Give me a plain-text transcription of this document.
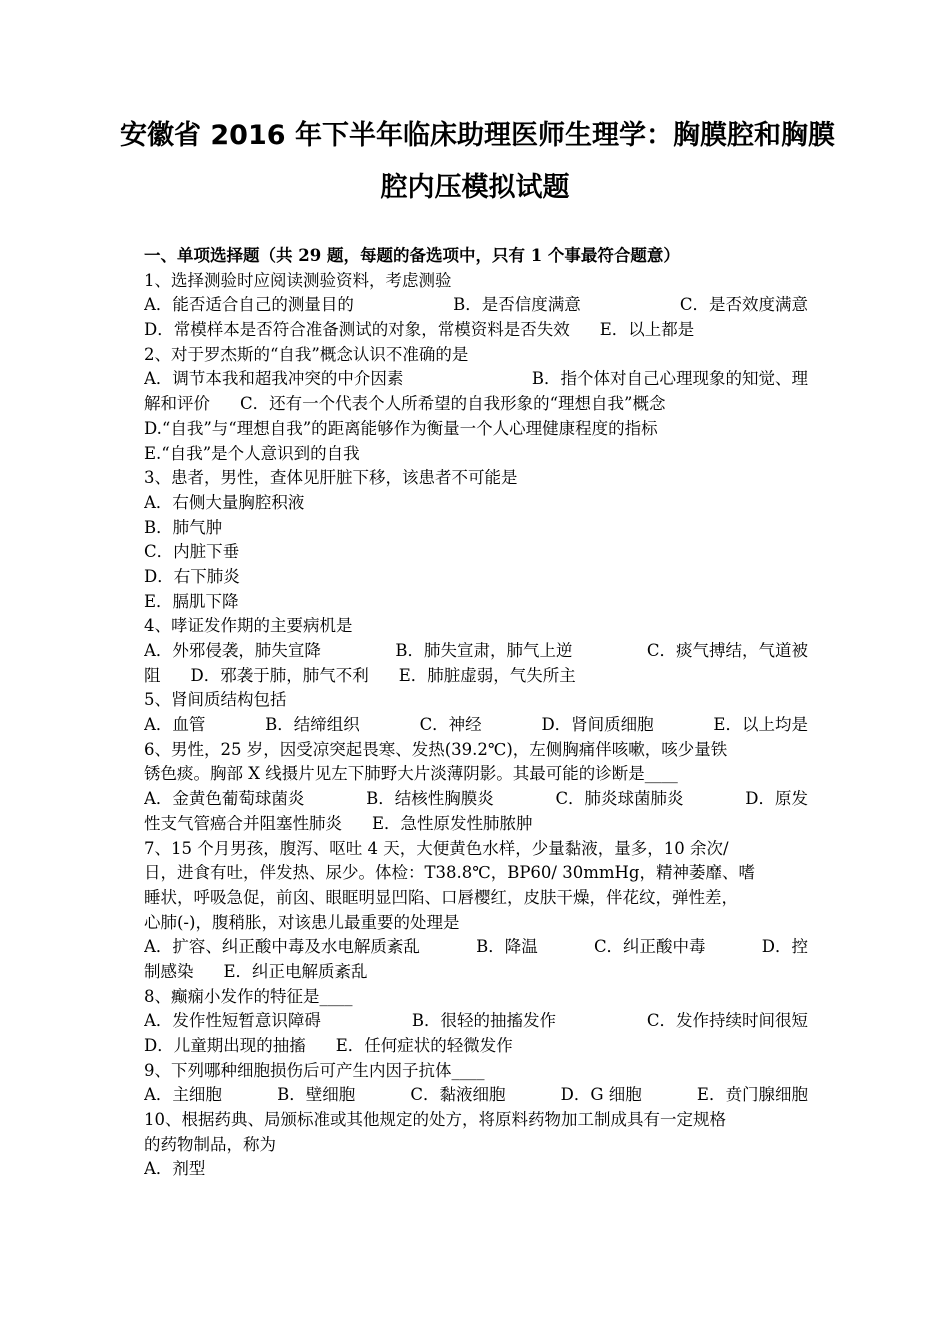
安徽省 2016 年下半年临床助理医师生理学：胸膜腔和胸膜
腔内压模拟试题
一、单项选择题（共 29 题，每题的备选项中，只有 1 个事最符合题意）
1、选择测验时应阅读测验资料，考虑测验
A．能否适合自己的测量目的	B．是否信度满意	C．是否效度满意
D．常模样本是否符合准备测试的对象，常模资料是否失效 E．以上都是
2、对于罗杰斯的“自我”概念认识不准确的是
A．调节本我和超我冲突的中介因素	B．指个体对自己心理现象的知觉、理
解和评价 C．还有一个代表个人所希望的自我形象的“理想自我”概念
D.“自我”与“理想自我”的距离能够作为衡量一个人心理健康程度的指标
E.“自我”是个人意识到的自我
3、患者，男性，查体见肝脏下移，该患者不可能是
A．右侧大量胸腔积液
B．肺气肿
C．内脏下垂
D．右下肺炎
E．膈肌下降
4、哮证发作期的主要病机是
A．外邪侵袭，肺失宣降	B．肺失宣肃，肺气上逆	C．痰气搏结，气道被
阻 D．邪袭于肺，肺气不利 E．肺脏虚弱，气失所主
5、肾间质结构包括
A．血管	B．结缔组织	C．神经	D．肾间质细胞	E．以上均是
6、男性，25 岁，因受凉突起畏寒、发热(39.2℃)，左侧胸痛伴咳嗽，咳少量铁
锈色痰。胸部 X 线摄片见左下肺野大片淡薄阴影。其最可能的诊断是____
A．金黄色葡萄球菌炎	B．结核性胸膜炎	C．肺炎球菌肺炎	D．原发
性支气管癌合并阻塞性肺炎 E．急性原发性肺脓肿
7、15 个月男孩，腹泻、呕吐 4 天，大便黄色水样，少量黏液，量多，10 余次/
日，进食有吐，伴发热、尿少。体检：T38.8℃，BP60/ 30mmHg，精神萎靡、嗜
睡状，呼吸急促，前囟、眼眶明显凹陷、口唇樱红，皮肤干燥，伴花纹，弹性差，
心肺(-)，腹稍胀，对该患儿最重要的处理是
A．扩容、纠正酸中毒及水电解质紊乱	B．降温	C．纠正酸中毒	D．控
制感染 E．纠正电解质紊乱
8、癫痫小发作的特征是____
A．发作性短暂意识障碍	B．很轻的抽搐发作	C．发作持续时间很短
D．儿童期出现的抽搐 E．任何症状的轻微发作
9、下列哪种细胞损伤后可产生内因子抗体____
A．主细胞	B．壁细胞	C．黏液细胞	D．G 细胞	E．贲门腺细胞
10、根据药典、局颁标准或其他规定的处方，将原料药物加工制成具有一定规格
的药物制品，称为
A．剂型
